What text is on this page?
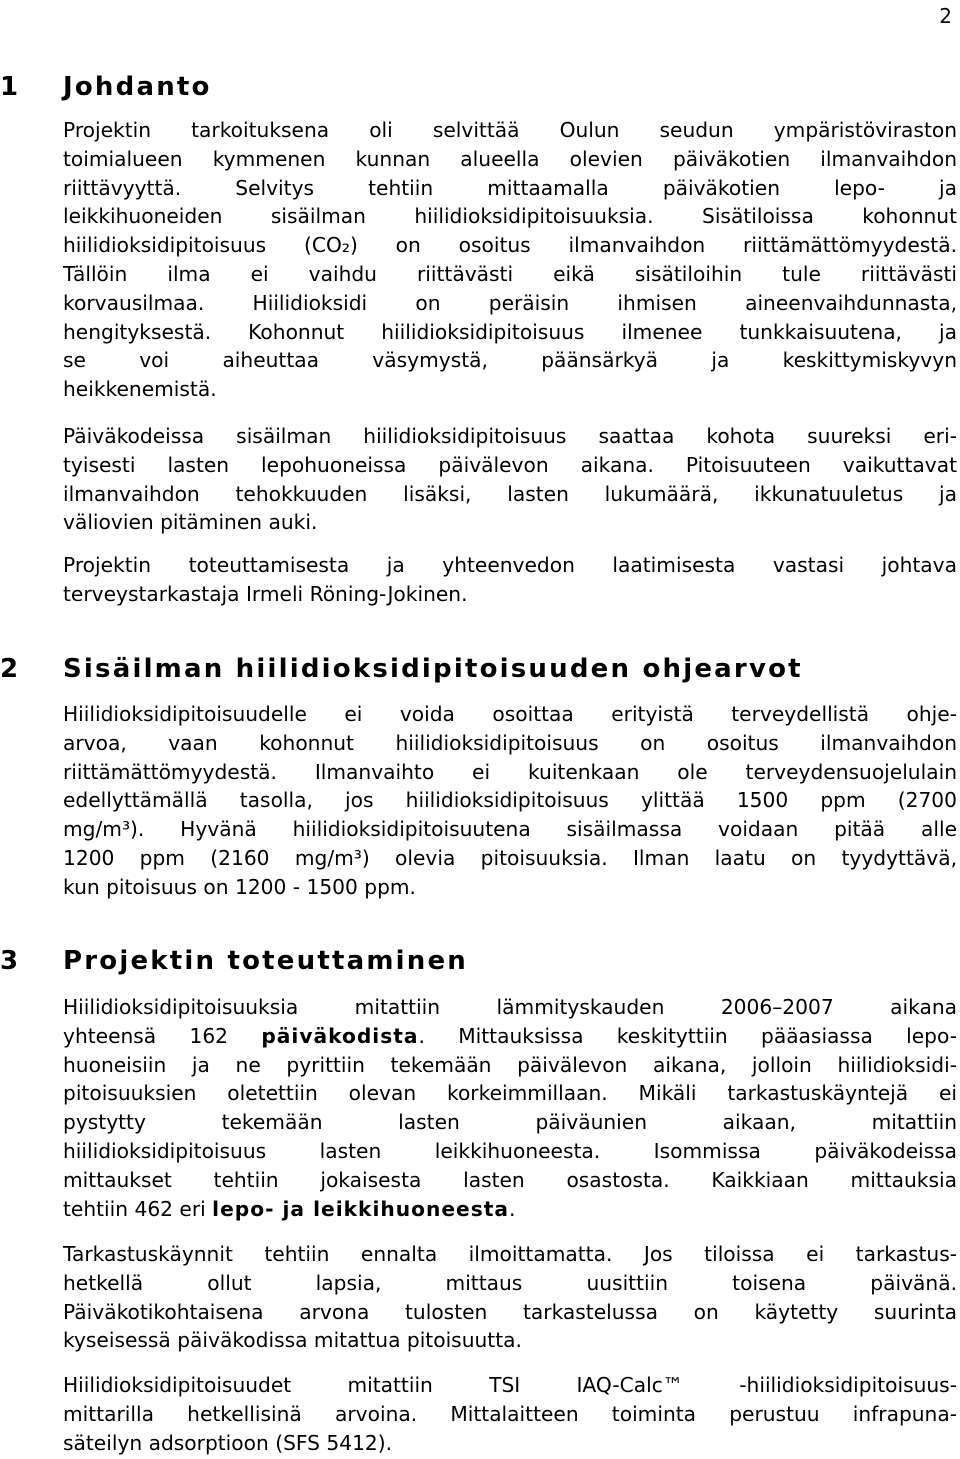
2
1 Johdanto
Projektin tarkoituksena oli selvittää Oulun seudun ympäristöviraston
toimialueen kymmenen kunnan alueella olevien päiväkotien ilmanvaihdon
riittävyyttä. Selvitys tehtiin mittaamalla päiväkotien lepo- ja
leikkihuoneiden sisäilman hiilidioksidipitoisuuksia. Sisätiloissa kohonnut
hiilidioksidipitoisuus (CO₂) on osoitus ilmanvaihdon riittämättömyydestä.
Tällöin ilma ei vaihdu riittävästi eikä sisätiloihin tule riittävästi
korvausilmaa. Hiilidioksidi on peräisin ihmisen aineenvaihdunnasta,
hengityksestä. Kohonnut hiilidioksidipitoisuus ilmenee tunkkaisuutena, ja
se voi aiheuttaa väsymystä, päänsärkyä ja keskittymiskyvyn
heikkenemistä.
Päiväkodeissa sisäilman hiilidioksidipitoisuus saattaa kohota suureksi eri-
tyisesti lasten lepohuoneissa päivälevon aikana. Pitoisuuteen vaikuttavat
ilmanvaihdon tehokkuuden lisäksi, lasten lukumäärä, ikkunatuuletus ja
väliovien pitäminen auki.
Projektin toteuttamisesta ja yhteenvedon laatimisesta vastasi johtava
terveystarkastaja Irmeli Röning-Jokinen.
2 Sisäilman hiilidioksidipitoisuuden ohjearvot
Hiilidioksidipitoisuudelle ei voida osoittaa erityistä terveydellistä ohje-
arvoa, vaan kohonnut hiilidioksidipitoisuus on osoitus ilmanvaihdon
riittämättömyydestä. Ilmanvaihto ei kuitenkaan ole terveydensuojelulain
edellyttämällä tasolla, jos hiilidioksidipitoisuus ylittää 1500 ppm (2700
mg/m³). Hyvänä hiilidioksidipitoisuutena sisäilmassa voidaan pitää alle
1200 ppm (2160 mg/m³) olevia pitoisuuksia. Ilman laatu on tyydyttävä,
kun pitoisuus on 1200 - 1500 ppm.
3 Projektin toteuttaminen
Hiilidioksidipitoisuuksia mitattiin lämmityskauden 2006–2007 aikana
yhteensä 162 päiväkodista. Mittauksissa keskityttiin pääasiassa lepo-
huoneisiin ja ne pyrittiin tekemään päivälevon aikana, jolloin hiilidioksidi-
pitoisuuksien oletettiin olevan korkeimmillaan. Mikäli tarkastuskäyntejä ei
pystytty tekemään lasten päiväunien aikaan, mitattiin
hiilidioksidipitoisuus lasten leikkihuoneesta. Isommissa päiväkodeissa
mittaukset tehtiin jokaisesta lasten osastosta. Kaikkiaan mittauksia
tehtiin 462 eri lepo- ja leikkihuoneesta.
Tarkastuskäynnit tehtiin ennalta ilmoittamatta. Jos tiloissa ei tarkastus-
hetkellä ollut lapsia, mittaus uusittiin toisena päivänä.
Päiväkotikohtaisena arvona tulosten tarkastelussa on käytetty suurinta
kyseisessä päiväkodissa mitattua pitoisuutta.
Hiilidioksidipitoisuudet mitattiin TSI IAQ-Calc™ -hiilidioksidipitoisuus-
mittarilla hetkellisinä arvoina. Mittalaitteen toiminta perustuu infrapuna-
säteilyn adsorptioon (SFS 5412).
